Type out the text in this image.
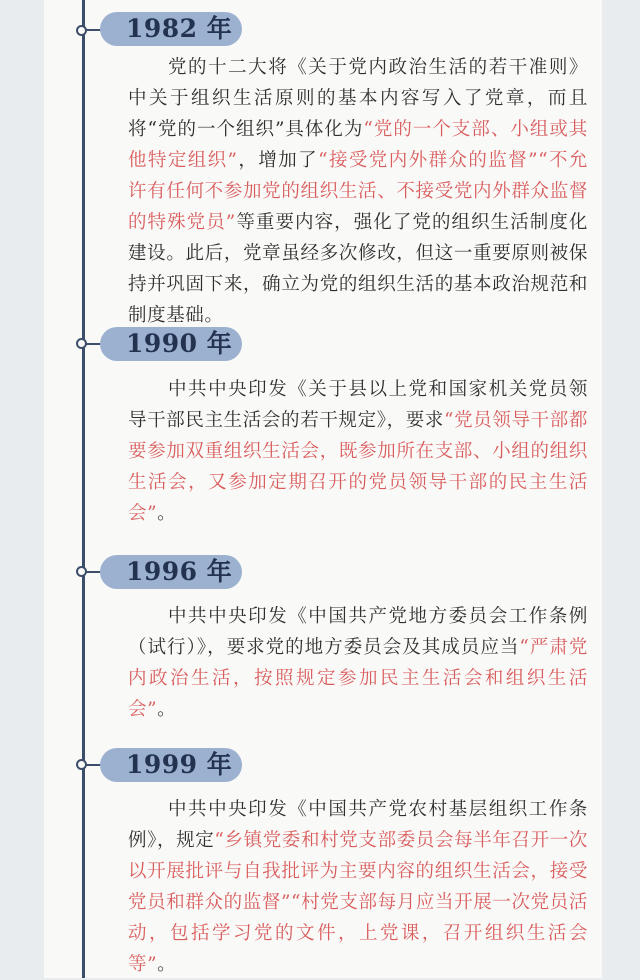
1982 年

党的十二大将《关于党内政治生活的若干准则》中关于组织生活原则的基本内容写入了党章，而且将“党的一个组织”具体化为“党的一个支部、小组或其他特定组织”，增加了“接受党内外群众的监督”“不允许有任何不参加党的组织生活、不接受党内外群众监督的特殊党员”等重要内容，强化了党的组织生活制度化建设。此后，党章虽经多次修改，但这一重要原则被保持并巩固下来，确立为党的组织生活的基本政治规范和制度基础。

1990 年

中共中央印发《关于县以上党和国家机关党员领导干部民主生活会的若干规定》，要求“党员领导干部都要参加双重组织生活会，既参加所在支部、小组的组织生活会，又参加定期召开的党员领导干部的民主生活会”。

1996 年

中共中央印发《中国共产党地方委员会工作条例（试行）》，要求党的地方委员会及其成员应当“严肃党内政治生活，按照规定参加民主生活会和组织生活会”。

1999 年

中共中央印发《中国共产党农村基层组织工作条例》，规定“乡镇党委和村党支部委员会每半年召开一次以开展批评与自我批评为主要内容的组织生活会，接受党员和群众的监督”“村党支部每月应当开展一次党员活动，包括学习党的文件，上党课，召开组织生活会等”。
